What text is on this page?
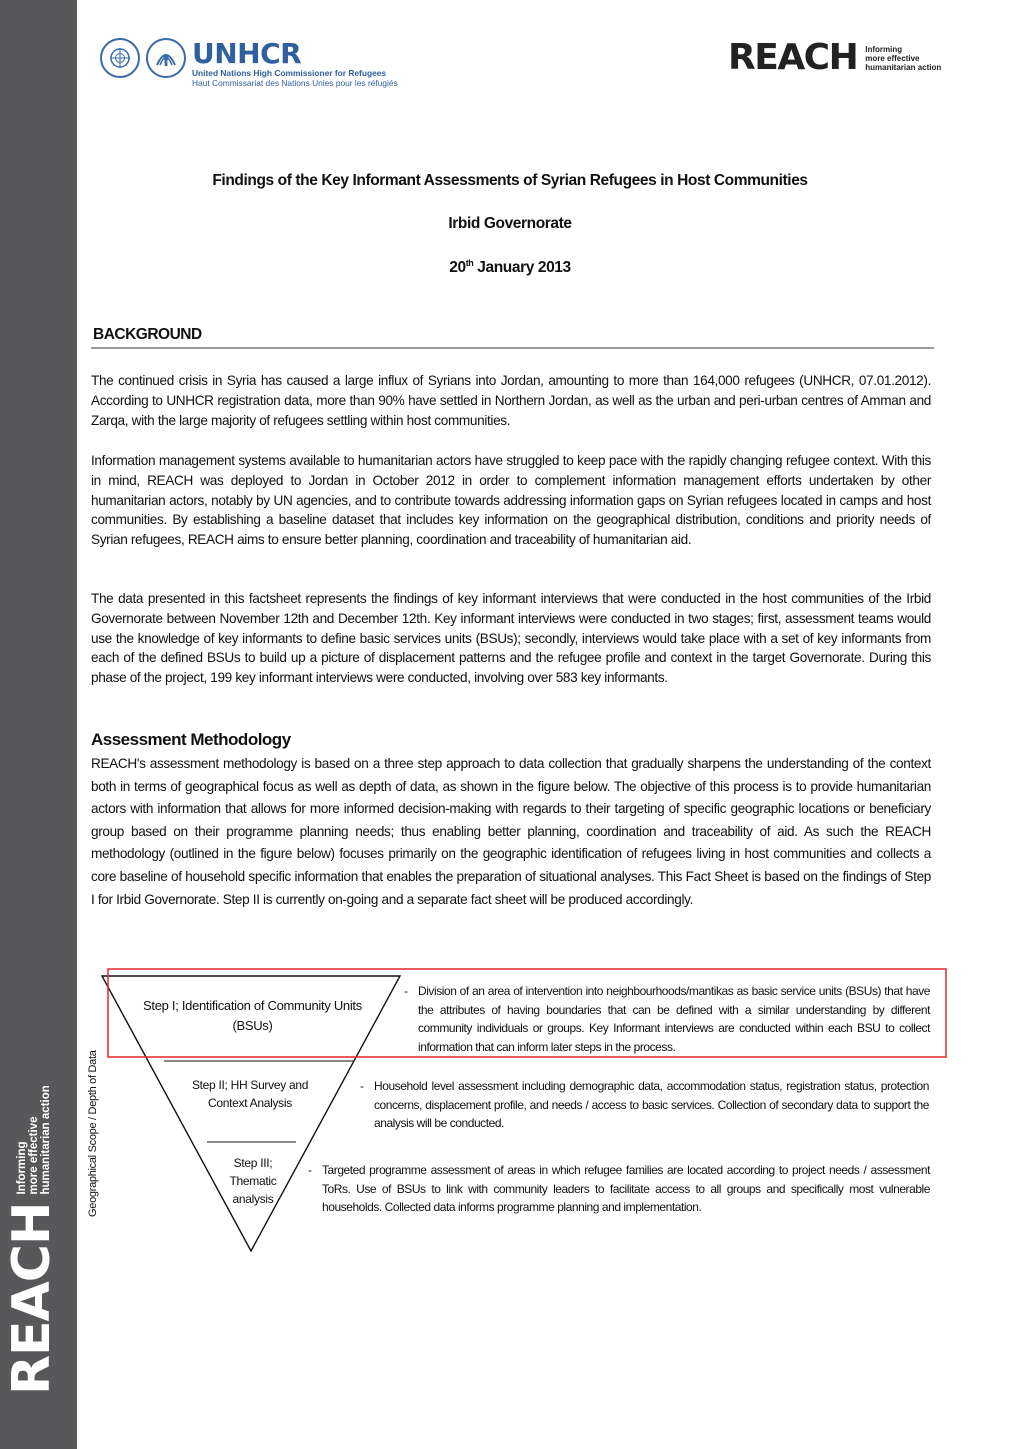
REACH
Informing more effective humanitarian action
UNHCR
United Nations High Commissioner for Refugees
Haut Commissariat des Nations Unies pour les réfugiés
REACH Informing
more effective
humanitarian action
Findings of the Key Informant Assessments of Syrian Refugees in Host Communities
Irbid Governorate
20th January 2013
BACKGROUND
The continued crisis in Syria has caused a large influx of Syrians into Jordan, amounting to more than 164,000 refugees (UNHCR, 07.01.2012). According to UNHCR registration data, more than 90% have settled in Northern Jordan, as well as the urban and peri-urban centres of Amman and Zarqa, with the large majority of refugees settling within host communities.
Information management systems available to humanitarian actors have struggled to keep pace with the rapidly changing refugee context. With this in mind, REACH was deployed to Jordan in October 2012 in order to complement information management efforts undertaken by other humanitarian actors, notably by UN agencies, and to contribute towards addressing information gaps on Syrian refugees located in camps and host communities. By establishing a baseline dataset that includes key information on the geographical distribution, conditions and priority needs of Syrian refugees, REACH aims to ensure better planning, coordination and traceability of humanitarian aid.
The data presented in this factsheet represents the findings of key informant interviews that were conducted in the host communities of the Irbid Governorate between November 12th and December 12th. Key informant interviews were conducted in two stages; first, assessment teams would use the knowledge of key informants to define basic services units (BSUs); secondly, interviews would take place with a set of key informants from each of the defined BSUs to build up a picture of displacement patterns and the refugee profile and context in the target Governorate. During this phase of the project, 199 key informant interviews were conducted, involving over 583 key informants.
Assessment Methodology
REACH's assessment methodology is based on a three step approach to data collection that gradually sharpens the understanding of the context both in terms of geographical focus as well as depth of data, as shown in the figure below. The objective of this process is to provide humanitarian actors with information that allows for more informed decision-making with regards to their targeting of specific geographic locations or beneficiary group based on their programme planning needs; thus enabling better planning, coordination and traceability of aid. As such the REACH methodology (outlined in the figure below) focuses primarily on the geographic identification of refugees living in host communities and collects a core baseline of household specific information that enables the preparation of situational analyses. This Fact Sheet is based on the findings of Step I for Irbid Governorate. Step II is currently on-going and a separate fact sheet will be produced accordingly.
Geographical Scope / Depth of Data
Step I; Identification of Community Units (BSUs)
Step II; HH Survey and Context Analysis
Step III; Thematic analysis
- Division of an area of intervention into neighbourhoods/mantikas as basic service units (BSUs) that have the attributes of having boundaries that can be defined with a similar understanding by different community individuals or groups. Key Informant interviews are conducted within each BSU to collect information that can inform later steps in the process.
- Household level assessment including demographic data, accommodation status, registration status, protection concerns, displacement profile, and needs / access to basic services. Collection of secondary data to support the analysis will be conducted.
- Targeted programme assessment of areas in which refugee families are located according to project needs / assessment ToRs. Use of BSUs to link with community leaders to facilitate access to all groups and specifically most vulnerable households. Collected data informs programme planning and implementation.
